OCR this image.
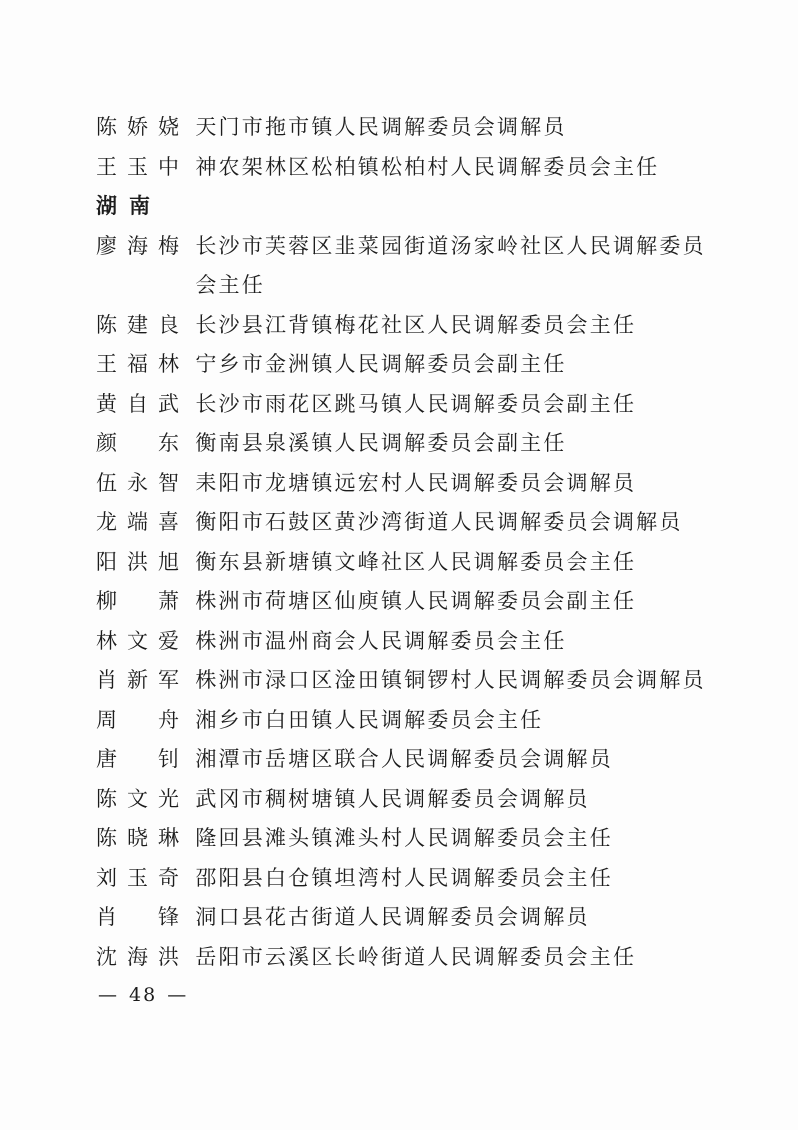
陈娇娆
天门市拖市镇人民调解委员会调解员
王玉中
神农架林区松柏镇松柏村人民调解委员会主任
湖南
廖海梅
长沙市芙蓉区韭菜园街道汤家岭社区人民调解委员会主任
陈建良
长沙县江背镇梅花社区人民调解委员会主任
王福林
宁乡市金洲镇人民调解委员会副主任
黄自武
长沙市雨花区跳马镇人民调解委员会副主任
颜 东
衡南县泉溪镇人民调解委员会副主任
伍永智
耒阳市龙塘镇远宏村人民调解委员会调解员
龙端喜
衡阳市石鼓区黄沙湾街道人民调解委员会调解员
阳洪旭
衡东县新塘镇文峰社区人民调解委员会主任
柳 萧
株洲市荷塘区仙庾镇人民调解委员会副主任
林文爱
株洲市温州商会人民调解委员会主任
肖新军
株洲市渌口区淦田镇铜锣村人民调解委员会调解员
周 舟
湘乡市白田镇人民调解委员会主任
唐 钊
湘潭市岳塘区联合人民调解委员会调解员
陈文光
武冈市稠树塘镇人民调解委员会调解员
陈晓琳
隆回县滩头镇滩头村人民调解委员会主任
刘玉奇
邵阳县白仓镇坦湾村人民调解委员会主任
肖 锋
洞口县花古街道人民调解委员会调解员
沈海洪
岳阳市云溪区长岭街道人民调解委员会主任
— 48 —
